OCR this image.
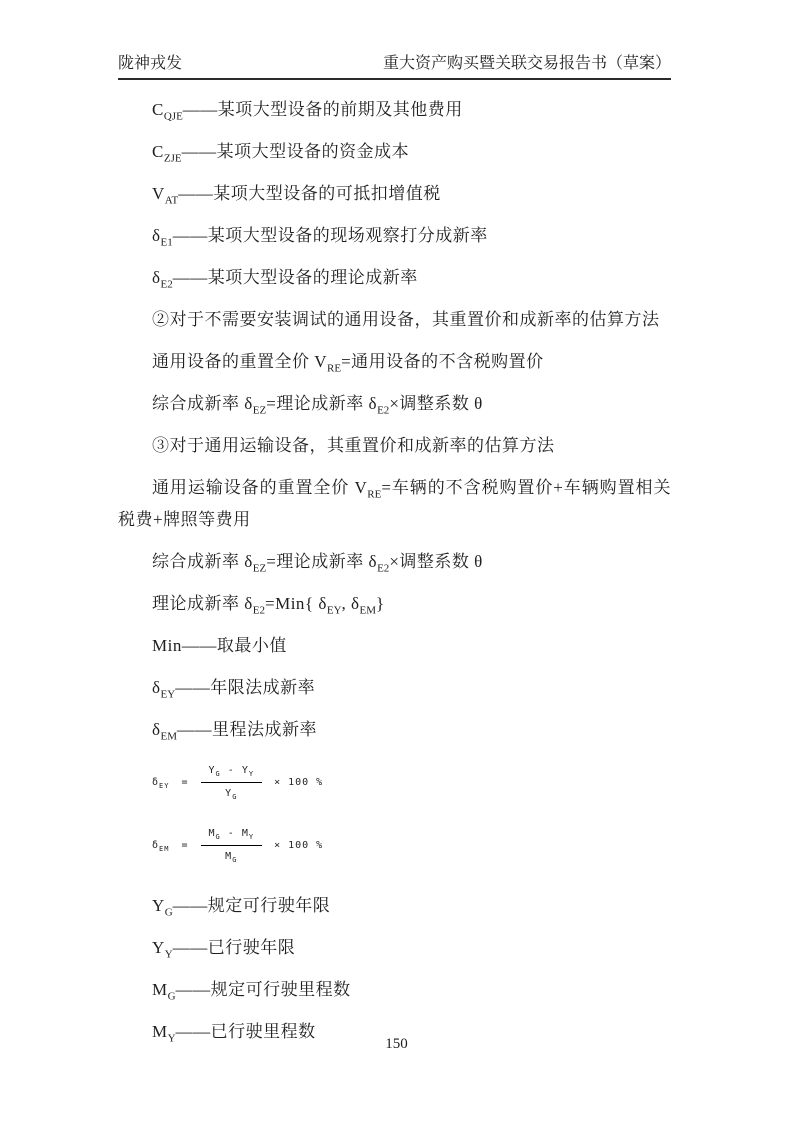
陇神戎发	重大资产购买暨关联交易报告书（草案）

$C_{QJE}——$某项大型设备的前期及其他费用

$C_{ZJE}——$某项大型设备的资金成本

$V_{AT}——$某项大型设备的可抵扣增值税

$\delta_{E1}——$某项大型设备的现场观察打分成新率

$\delta_{E2}——$某项大型设备的理论成新率

②对于不需要安装调试的通用设备，其重置价和成新率的估算方法

通用设备的重置全价 $V_{RE}=$通用设备的不含税购置价

综合成新率 $\delta_{EZ}=$理论成新率 $\delta_{E2}\times$调整系数 θ

③对于通用运输设备，其重置价和成新率的估算方法

通用运输设备的重置全价 $V_{RE}=$车辆的不含税购置价+车辆购置相关税费+牌照等费用

综合成新率 $\delta_{EZ}=$理论成新率 $\delta_{E2}\times$调整系数 θ

理论成新率 $\delta_{E2}=Min${ $\delta_{EY}$, $\delta_{EM}$}

Min——取最小值

$\delta_{EY}——$年限法成新率

$\delta_{EM}——$里程法成新率

$\delta_{EY} = \frac{Y_G - Y_Y}{Y_G} \times 100$ %
$\delta_{EM} = \frac{M_G - M_Y}{M_G} \times 100$ %

$Y_G——$规定可行驶年限

$Y_Y——$已行驶年限

$M_G——$规定可行驶里程数

$M_Y——$已行驶里程数

150
